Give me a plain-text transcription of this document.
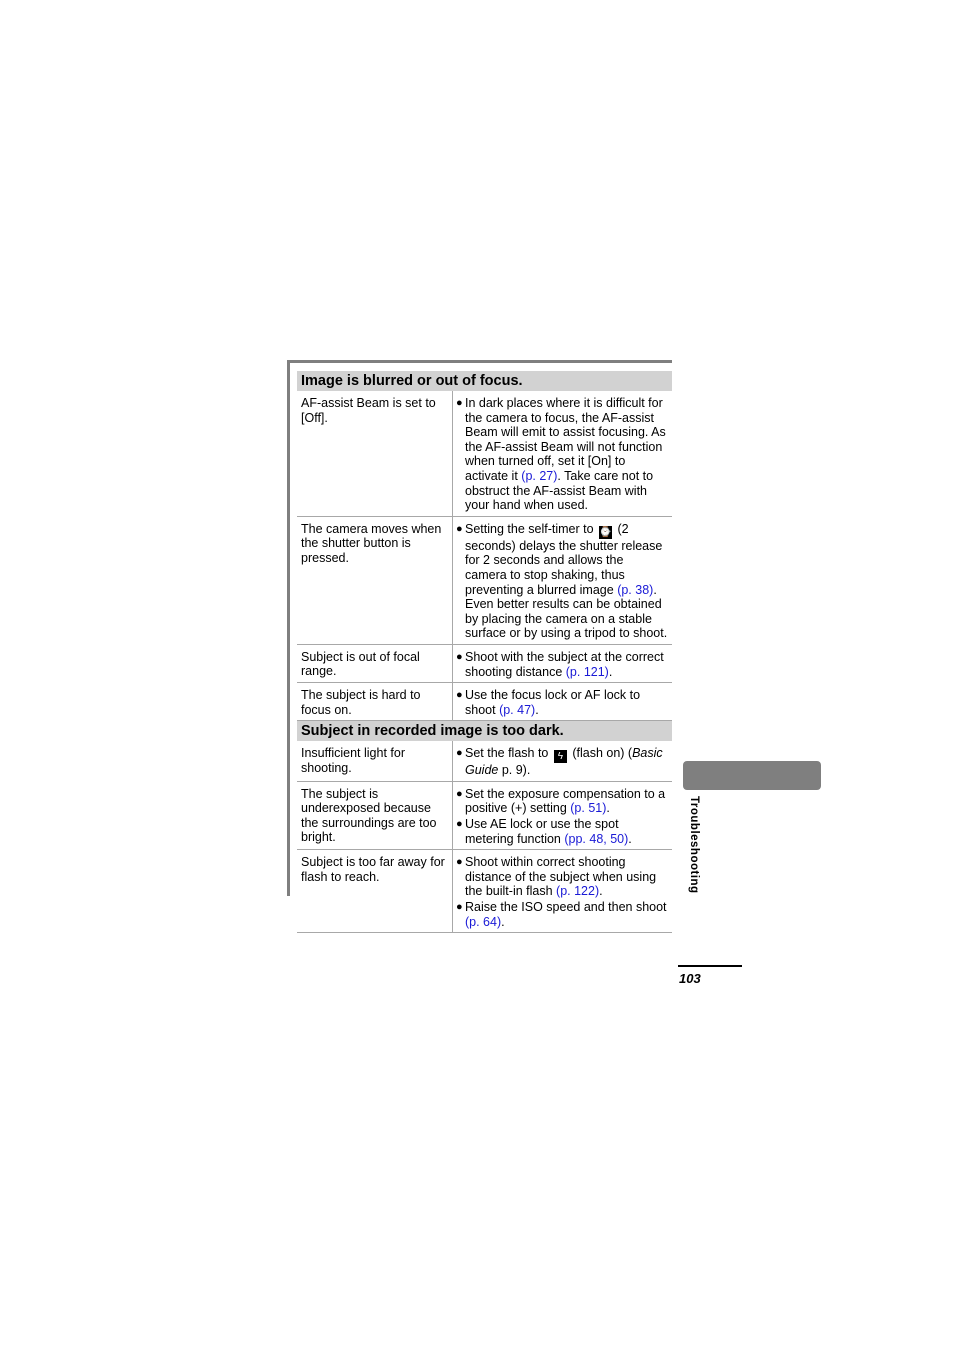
Image is blurred or out of focus.
AF-assist Beam is set to [Off].
● In dark places where it is difficult for the camera to focus, the AF-assist Beam will emit to assist focusing. As the AF-assist Beam will not function when turned off, set it [On] to activate it (p. 27). Take care not to obstruct the AF-assist Beam with your hand when used.
The camera moves when the shutter button is pressed.
● Setting the self-timer to ⌚ (2 seconds) delays the shutter release for 2 seconds and allows the camera to stop shaking, thus preventing a blurred image (p. 38). Even better results can be obtained by placing the camera on a stable surface or by using a tripod to shoot.
Subject is out of focal range.
● Shoot with the subject at the correct shooting distance (p. 121).
The subject is hard to focus on.
● Use the focus lock or AF lock to shoot (p. 47).
Subject in recorded image is too dark.
Insufficient light for shooting.
● Set the flash to ϟ (flash on) (Basic Guide p. 9).
The subject is underexposed because the surroundings are too bright.
● Set the exposure compensation to a positive (+) setting (p. 51).
● Use AE lock or use the spot metering function (pp. 48, 50).
Subject is too far away for flash to reach.
● Shoot within correct shooting distance of the subject when using the built-in flash (p. 122).
● Raise the ISO speed and then shoot (p. 64).
Troubleshooting
103
